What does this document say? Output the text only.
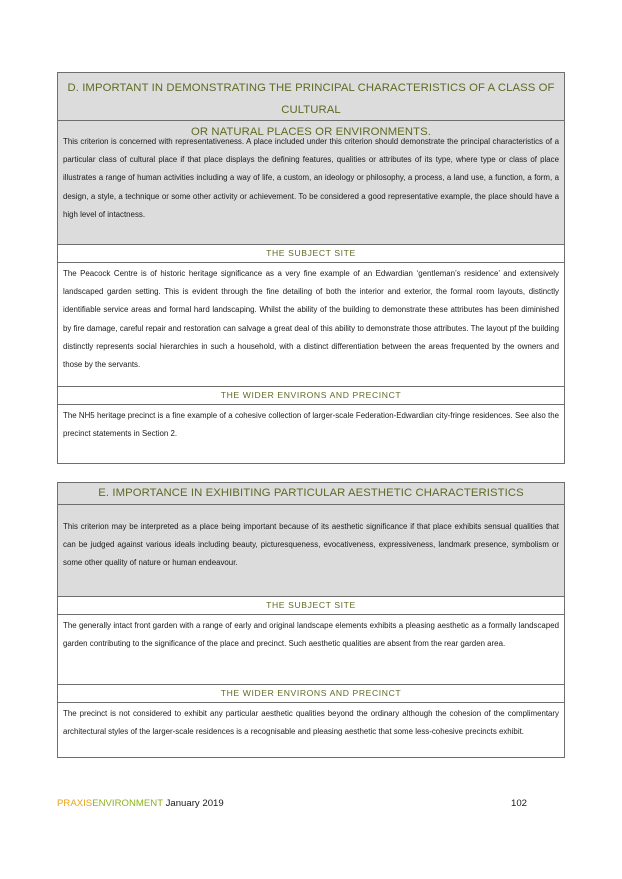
D. IMPORTANT IN DEMONSTRATING THE PRINCIPAL CHARACTERISTICS OF A CLASS OF CULTURAL
OR NATURAL PLACES OR ENVIRONMENTS.
This criterion is concerned with representativeness. A place included under this criterion should demonstrate the principal characteristics of a particular class of cultural place if that place displays the defining features, qualities or attributes of its type, where type or class of place illustrates a range of human activities including a way of life, a custom, an ideology or philosophy, a process, a land use, a function, a form, a design, a style, a technique or some other activity or achievement. To be considered a good representative example, the place should have a high level of intactness.
THE SUBJECT SITE
The Peacock Centre is of historic heritage significance as a very fine example of an Edwardian ‘gentleman’s residence’ and extensively landscaped garden setting. This is evident through the fine detailing of both the interior and exterior, the formal room layouts, distinctly identifiable service areas and formal hard landscaping. Whilst the ability of the building to demonstrate these attributes has been diminished by fire damage, careful repair and restoration can salvage a great deal of this ability to demonstrate those attributes. The layout pf the building distinctly represents social hierarchies in such a household, with a distinct differentiation between the areas frequented by the owners and those by the servants.
THE WIDER ENVIRONS AND PRECINCT
The NH5 heritage precinct is a fine example of a cohesive collection of larger-scale Federation-Edwardian city-fringe residences. See also the precinct statements in Section 2.
E. IMPORTANCE IN EXHIBITING PARTICULAR AESTHETIC CHARACTERISTICS
This criterion may be interpreted as a place being important because of its aesthetic significance if that place exhibits sensual qualities that can be judged against various ideals including beauty, picturesqueness, evocativeness, expressiveness, landmark presence, symbolism or some other quality of nature or human endeavour.
THE SUBJECT SITE
The generally intact front garden with a range of early and original landscape elements exhibits a pleasing aesthetic as a formally landscaped garden contributing to the significance of the place and precinct. Such aesthetic qualities are absent from the rear garden area.
THE WIDER ENVIRONS AND PRECINCT
The precinct is not considered to exhibit any particular aesthetic qualities beyond the ordinary although the cohesion of the complimentary architectural styles of the larger-scale residences is a recognisable and pleasing aesthetic that some less-cohesive precincts exhibit.
PRAXISENVIRONMENT January 2019	102
